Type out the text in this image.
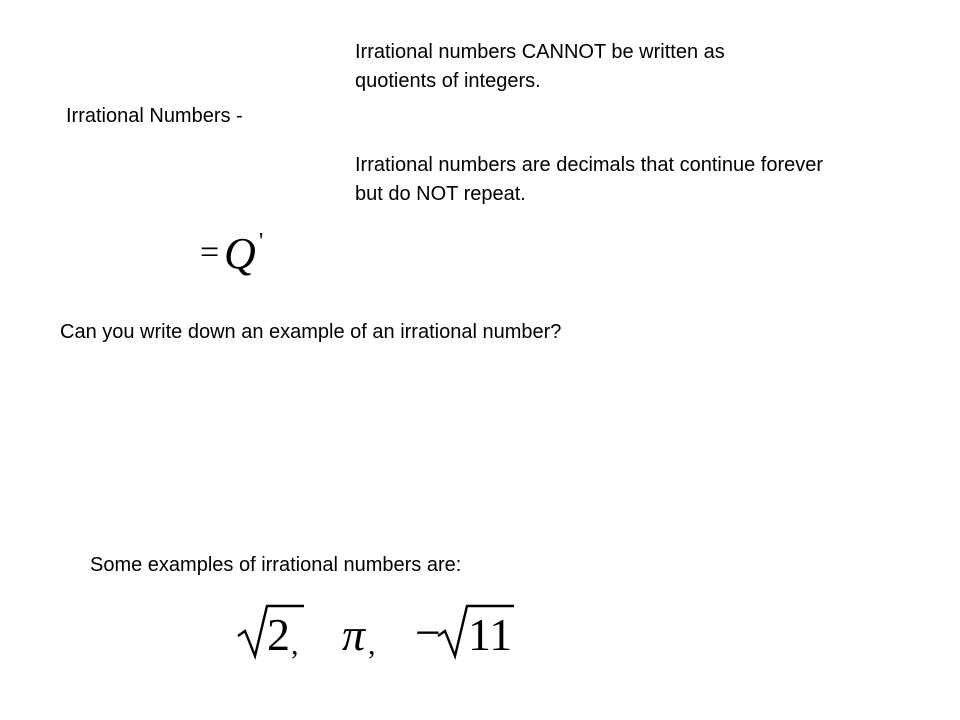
Irrational Numbers -

Irrational numbers CANNOT be written as
quotients of integers.

Irrational numbers are decimals that continue forever
but do NOT repeat.

= Q '

Can you write down an example of an irrational number?

Some examples of irrational numbers are:

2 , π , − 11
